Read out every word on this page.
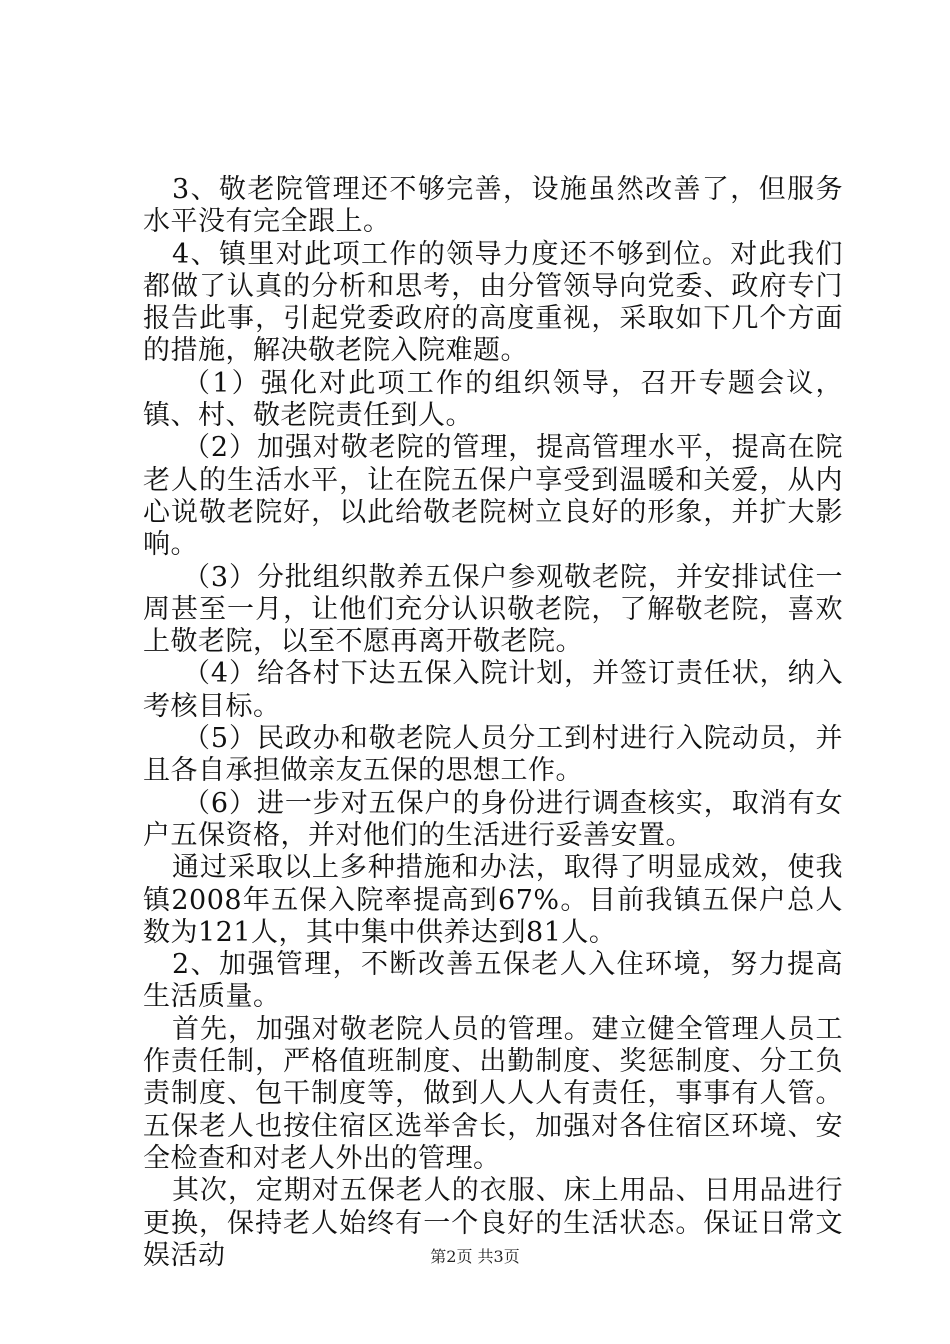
3、敬老院管理还不够完善，设施虽然改善了，但服务水平没有完全跟上。

4、镇里对此项工作的领导力度还不够到位。对此我们都做了认真的分析和思考，由分管领导向党委、政府专门报告此事，引起党委政府的高度重视，采取如下几个方面的措施，解决敬老院入院难题。

（1）强化对此项工作的组织领导，召开专题会议，镇、村、敬老院责任到人。

（2）加强对敬老院的管理，提高管理水平，提高在院老人的生活水平，让在院五保户享受到温暖和关爱，从内心说敬老院好，以此给敬老院树立良好的形象，并扩大影响。

（3）分批组织散养五保户参观敬老院，并安排试住一周甚至一月，让他们充分认识敬老院，了解敬老院，喜欢上敬老院，以至不愿再离开敬老院。

（4）给各村下达五保入院计划，并签订责任状，纳入考核目标。

（5）民政办和敬老院人员分工到村进行入院动员，并且各自承担做亲友五保的思想工作。

（6）进一步对五保户的身份进行调查核实，取消有女户五保资格，并对他们的生活进行妥善安置。

通过采取以上多种措施和办法，取得了明显成效，使我镇2008年五保入院率提高到67%。目前我镇五保户总人数为121人，其中集中供养达到81人。

2、加强管理，不断改善五保老人入住环境，努力提高生活质量。

首先，加强对敬老院人员的管理。建立健全管理人员工作责任制，严格值班制度、出勤制度、奖惩制度、分工负责制度、包干制度等，做到人人人有责任，事事有人管。五保老人也按住宿区选举舍长，加强对各住宿区环境、安全检查和对老人外出的管理。

其次，定期对五保老人的衣服、床上用品、日用品进行更换，保持老人始终有一个良好的生活状态。保证日常文娱活动	第2页 共3页
